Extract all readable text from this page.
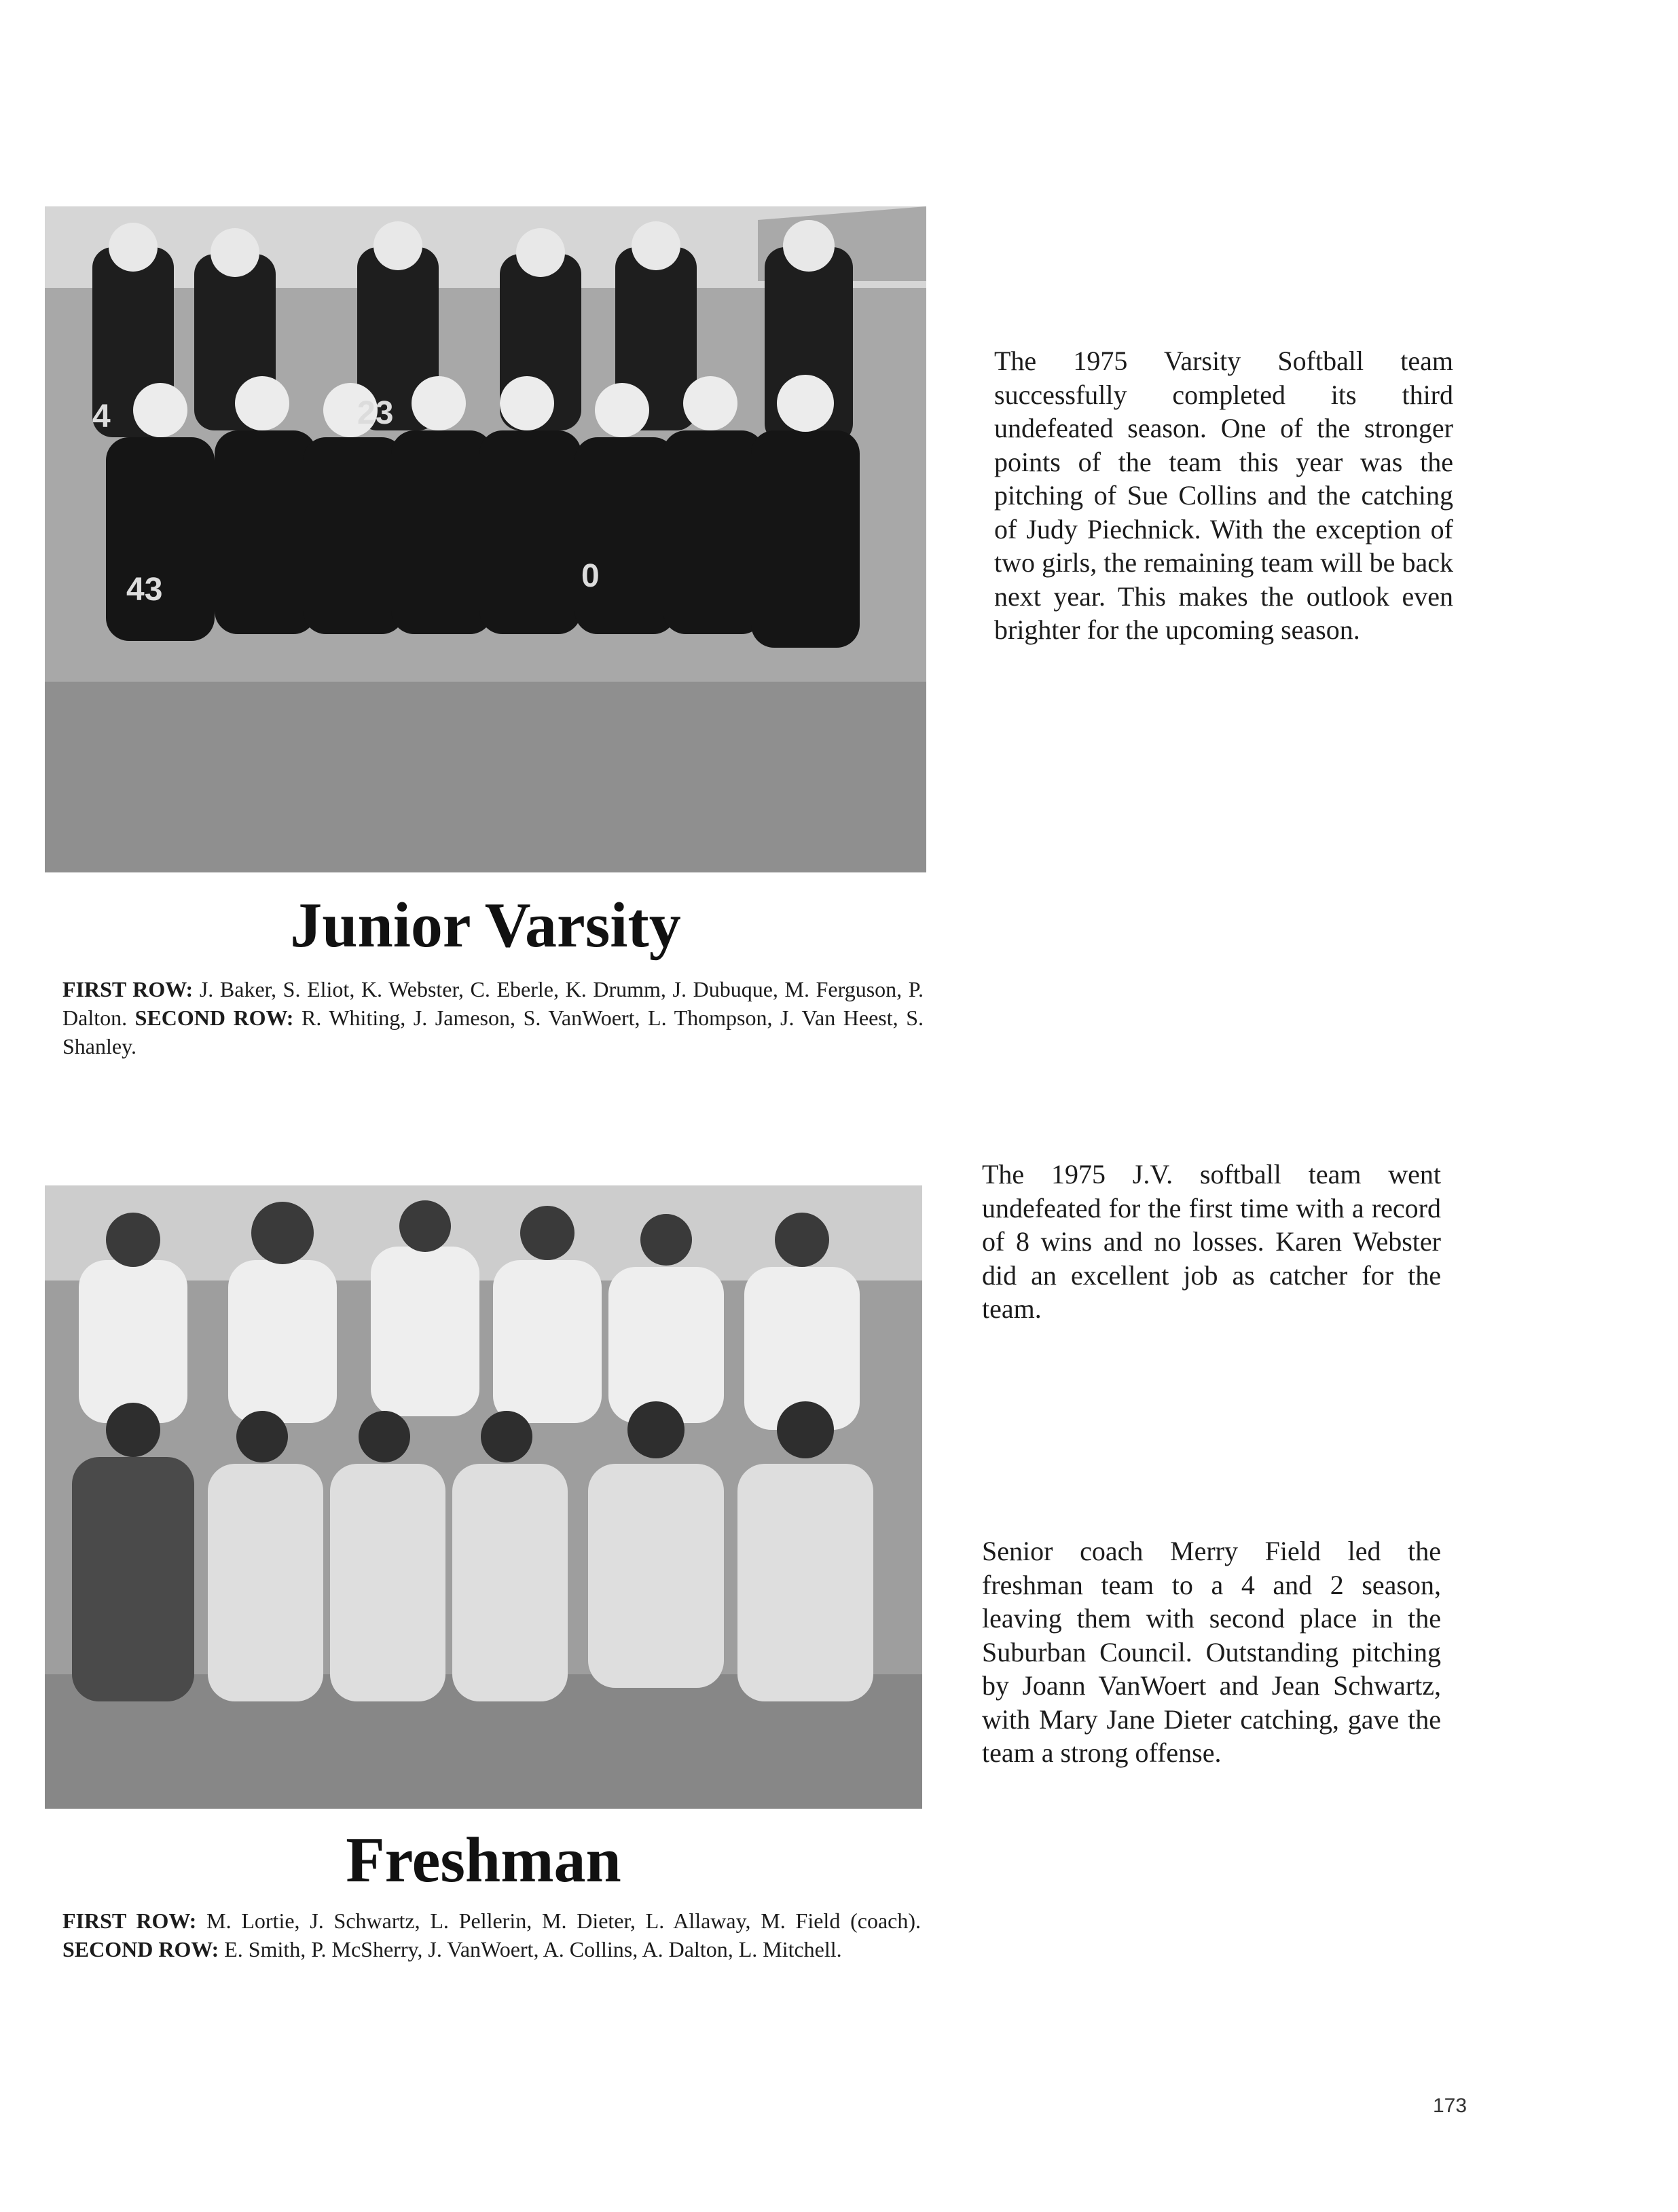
4	23
43	0

The 1975 Varsity Softball team successfully completed its third undefeated season. One of the stronger points of the team this year was the pitching of Sue Collins and the catching of Judy Piechnick. With the exception of two girls, the remaining team will be back next year. This makes the outlook even brighter for the upcoming season.

Junior Varsity

FIRST ROW: J. Baker, S. Eliot, K. Webster, C. Eberle, K. Drumm, J. Dubuque, M. Ferguson, P. Dalton. SECOND ROW: R. Whiting, J. Jameson, S. VanWoert, L. Thompson, J. Van Heest, S. Shanley.

The 1975 J.V. softball team went undefeated for the first time with a record of 8 wins and no losses. Karen Webster did an excellent job as catcher for the team.

Senior coach Merry Field led the freshman team to a 4 and 2 season, leaving them with second place in the Suburban Council. Outstanding pitching by Joann VanWoert and Jean Schwartz, with Mary Jane Dieter catching, gave the team a strong offense.

Freshman

FIRST ROW: M. Lortie, J. Schwartz, L. Pellerin, M. Dieter, L. Allaway, M. Field (coach). SECOND ROW: E. Smith, P. McSherry, J. VanWoert, A. Collins, A. Dalton, L. Mitchell.

173
